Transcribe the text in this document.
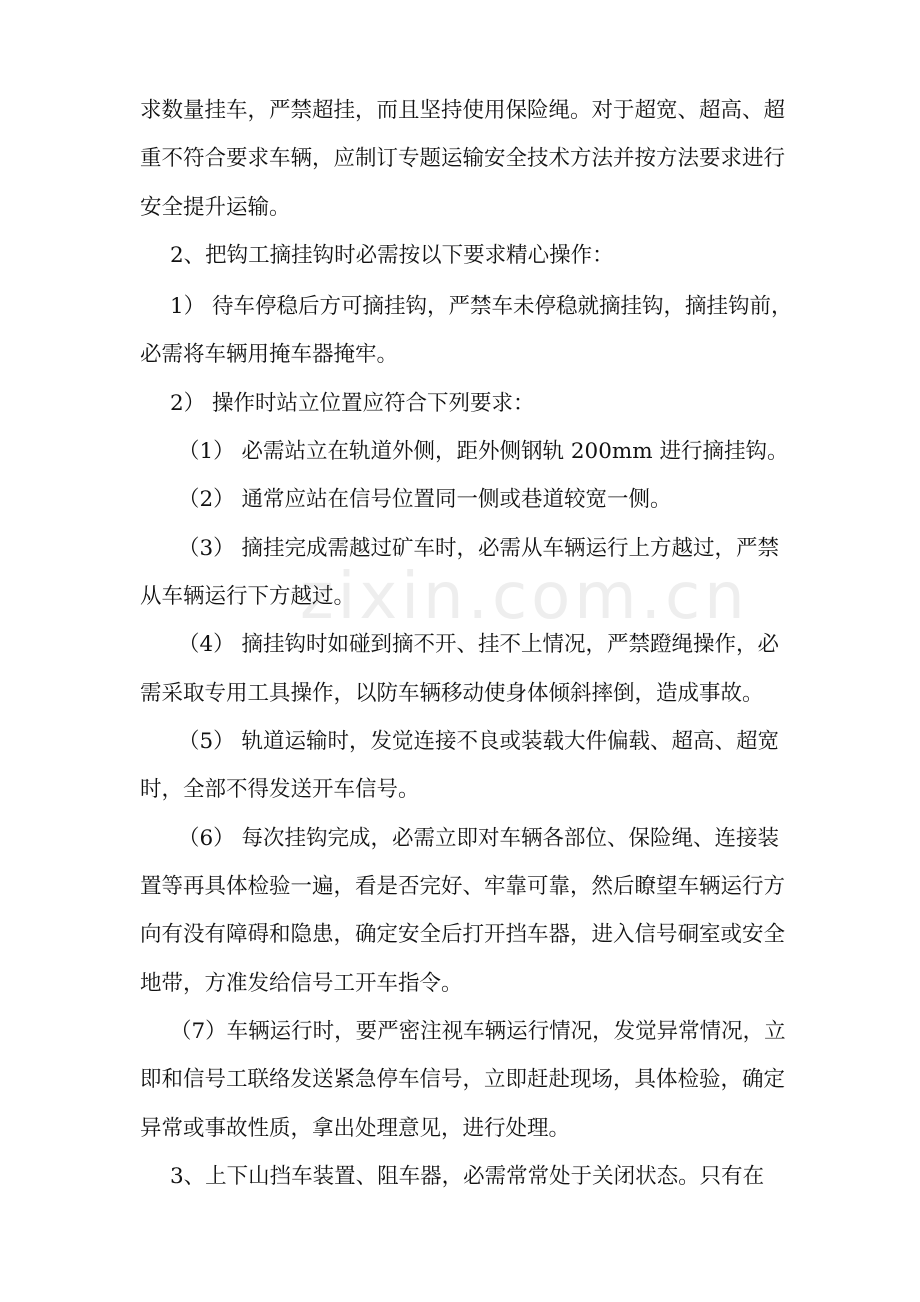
zixin.com.cn

求数量挂车，严禁超挂，而且坚持使用保险绳。对于超宽、超高、超

重不符合要求车辆，应制订专题运输安全技术方法并按方法要求进行

安全提升运输。

2、把钩工摘挂钩时必需按以下要求精心操作：

1） 待车停稳后方可摘挂钩，严禁车未停稳就摘挂钩，摘挂钩前，

必需将车辆用掩车器掩牢。

2） 操作时站立位置应符合下列要求：

（1） 必需站立在轨道外侧，距外侧钢轨 200mm 进行摘挂钩。

（2） 通常应站在信号位置同一侧或巷道较宽一侧。

（3） 摘挂完成需越过矿车时，必需从车辆运行上方越过，严禁

从车辆运行下方越过。

（4） 摘挂钩时如碰到摘不开、挂不上情况，严禁蹬绳操作，必

需采取专用工具操作，以防车辆移动使身体倾斜摔倒，造成事故。

（5） 轨道运输时，发觉连接不良或装载大件偏载、超高、超宽

时，全部不得发送开车信号。

（6） 每次挂钩完成，必需立即对车辆各部位、保险绳、连接装

置等再具体检验一遍，看是否完好、牢靠可靠，然后瞭望车辆运行方

向有没有障碍和隐患，确定安全后打开挡车器，进入信号硐室或安全

地带，方准发给信号工开车指令。

（7）车辆运行时，要严密注视车辆运行情况，发觉异常情况，立

即和信号工联络发送紧急停车信号，立即赶赴现场，具体检验，确定

异常或事故性质，拿出处理意见，进行处理。

3、上下山挡车装置、阻车器，必需常常处于关闭状态。只有在
